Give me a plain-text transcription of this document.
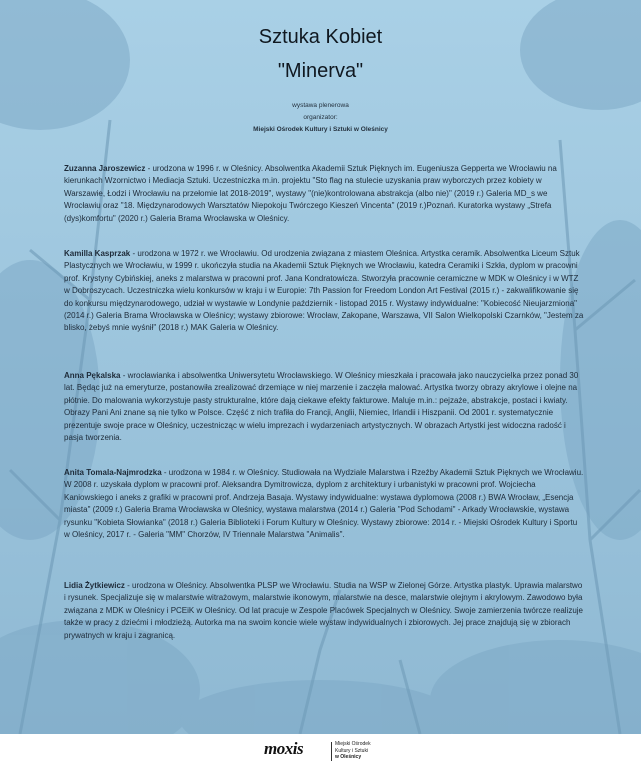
Sztuka Kobiet
"Minerva"
wystawa plenerowa
organizator:
Miejski Ośrodek Kultury i Sztuki w Oleśnicy
Zuzanna Jaroszewicz - urodzona w 1996 r. w Oleśnicy. Absolwentka Akademii Sztuk Pięknych im. Eugeniusza Gepperta we Wrocławiu na kierunkach Wzornictwo i Mediacja Sztuki. Uczestniczka m.in. projektu "Sto flag na stulecie uzyskania praw wyborczych przez kobiety w Warszawie, Łodzi i Wrocławiu na przełomie lat 2018-2019", wystawy "(nie)kontrolowana abstrakcja (albo nie)" (2019 r.) Galeria MD_s we Wrocławiu oraz "18. Międzynarodowych Warsztatów Niepokoju Twórczego Kieszeń Vincenta" (2019 r.)Poznań. Kuratorka wystawy „Strefa (dys)komfortu" (2020 r.) Galeria Brama Wrocławska w Oleśnicy.
Kamilla Kasprzak - urodzona w 1972 r. we Wrocławiu. Od urodzenia związana z miastem Oleśnica. Artystka ceramik. Absolwentka Liceum Sztuk Plastycznych we Wrocławiu, w 1999 r. ukończyła studia na Akademii Sztuk Pięknych we Wrocławiu, katedra Ceramiki i Szkła, dyplom w pracowni prof. Krystyny Cybińskiej, aneks z malarstwa w pracowni prof. Jana Kondratowicza. Stworzyła pracownie ceramiczne w MDK w Oleśnicy i w WTZ w Dobroszycach. Uczestniczka wielu konkursów w kraju i w Europie: 7th Passion for Freedom London Art Festival (2015 r.) - zakwalifikowanie się do konkursu międzynarodowego, udział w wystawie w Londynie październik - listopad 2015 r. Wystawy indywidualne: "Kobiecość Nieujarzmiona" (2014 r.) Galeria Brama Wrocławska w Oleśnicy; wystawy zbiorowe: Wrocław, Zakopane, Warszawa, VII Salon Wielkopolski Czarnków, "Jestem za blisko, żebyś mnie wyśnił" (2018 r.) MAK Galeria w Oleśnicy.
Anna Pękalska - wrocławianka i absolwentka Uniwersytetu Wrocławskiego. W Oleśnicy mieszkała i pracowała jako nauczycielka przez ponad 30 lat. Będąc już na emeryturze, postanowiła zrealizować drzemiące w niej marzenie i zaczęła malować. Artystka tworzy obrazy akrylowe i olejne na płótnie. Do malowania wykorzystuje pasty strukturalne, które dają ciekawe efekty fakturowe. Maluje m.in.: pejzaże, abstrakcje, postaci i kwiaty. Obrazy Pani Ani znane są nie tylko w Polsce. Część z nich trafiła do Francji, Anglii, Niemiec, Irlandii i Hiszpanii. Od 2001 r. systematycznie prezentuje swoje prace w Oleśnicy, uczestnicząc w wielu imprezach i wydarzeniach artystycznych. W obrazach Artystki jest widoczna radość i pasja tworzenia.
Anita Tomala-Najmrodzka - urodzona w 1984 r. w Oleśnicy. Studiowała na Wydziale Malarstwa i Rzeźby Akademii Sztuk Pięknych we Wrocławiu. W 2008 r. uzyskała dyplom w pracowni prof. Aleksandra Dymitrowicza, dyplom z architektury i urbanistyki w pracowni prof. Wojciecha Kaniowskiego i aneks z grafiki w pracowni prof. Andrzeja Basaja. Wystawy indywidualne: wystawa dyplomowa (2008 r.) BWA Wrocław, „Esencja miasta" (2009 r.) Galeria Brama Wrocławska w Oleśnicy, wystawa malarstwa (2014 r.) Galeria "Pod Schodami" - Arkady Wrocławskie, wystawa rysunku "Kobieta Słowianka" (2018 r.) Galeria Biblioteki i Forum Kultury w Oleśnicy. Wystawy zbiorowe: 2014 r. - Miejski Ośrodek Kultury i Sportu w Oleśnicy, 2017 r. - Galeria "MM" Chorzów, IV Triennale Malarstwa "Animalis".
Lidia Żytkiewicz - urodzona w Oleśnicy. Absolwentka PLSP we Wrocławiu. Studia na WSP w Zielonej Górze. Artystka plastyk. Uprawia malarstwo i rysunek. Specjalizuje się w malarstwie witrażowym, malarstwie ikonowym, malarstwie na desce, malarstwie olejnym i akrylowym. Zawodowo była związana z MDK w Oleśnicy i PCEiK w Oleśnicy. Od lat pracuje w Zespole Placówek Specjalnych w Oleśnicy. Swoje zamierzenia twórcze realizuje także w pracy z dziećmi i młodzieżą. Autorka ma na swoim koncie wiele wystaw indywidualnych i zbiorowych. Jej prace znajdują się w zbiorach prywatnych w kraju i zagranicą.
moxis	Miejski Ośrodek
Kultury i Sztuki
w Oleśnicy
